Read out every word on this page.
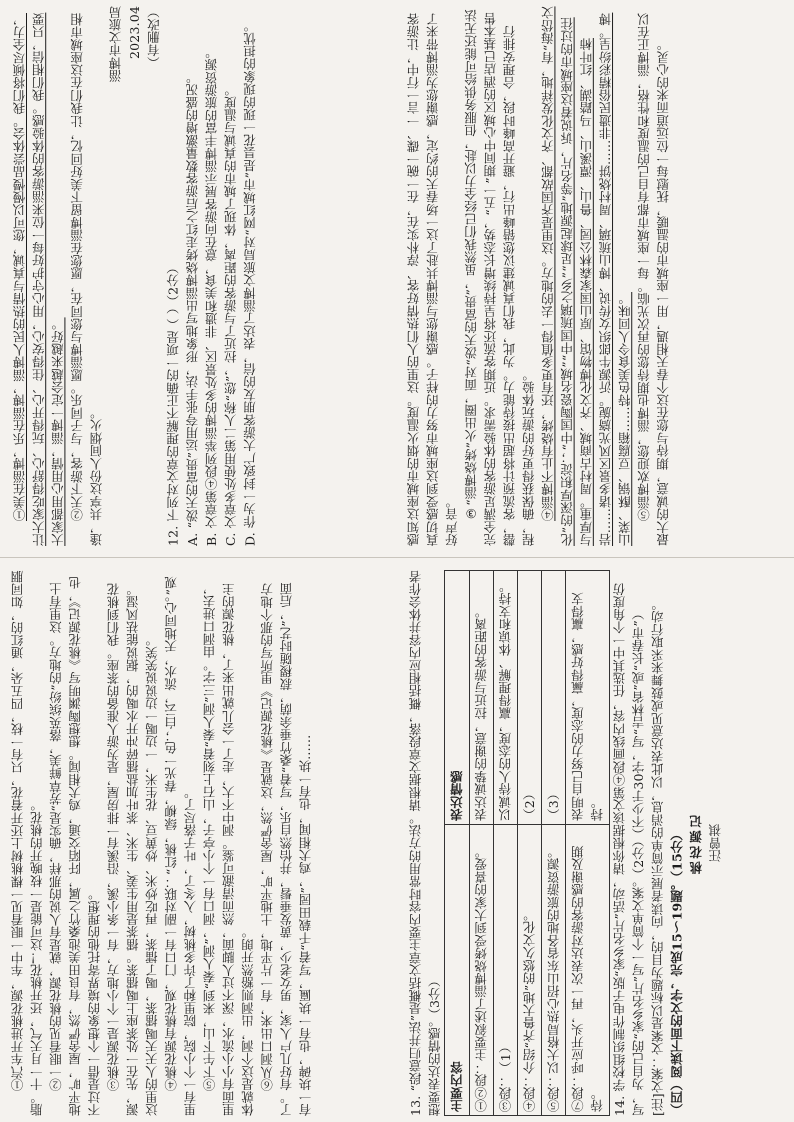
感知这座城市的烟火温度。这里的人们热情好客、淳朴实在，在一碗一碟、一言一行中，让游客真切感受到这座城市努力的样子。感谢您与淄博共赴了这一场春天的约定，感谢您为淄博带来了好声音。 ③“淄博烧烤”火出圈，面对“泼天的富贵”，虽然我们已经全力以赴，但服务供给可能还无法完全满足游客的体验需求。近期客流还将呈持续增长态势，“五一”期间中心城区的酒店已基本售罄，客流预计将超出接待能力。为此，我们真诚建议您错峰出行，避开高峰时段，合理安排行程，确保获得更好的游玩体验。 ④淄博不止有烧烤，还有更多值得一去的地方。这里是齐国故都、齐文化发祥地，有“海岱文化”的深厚积淀；“中国陶瓷名城”“中国琉璃之乡”“足球起源地”等名片，诉说着这座城市的过往与厚重。周村古商城、齐文化博物馆、原山国家森林公园、鲁山、潭溪山、马踏湖、红叶柿岩……诸多景区风光旖旎。沂源牛郎织女传说、博山琉璃、周村烧饼……非遗民俗精彩纷呈。博山菜、酥锅、豆腐箱……特色美食令人回味。 ⑤淄博欢迎您，淄博也期待您的再次光临。每一座城市都有自己的温度和性格，淄博正在以最大的诚意，期待与您在这个春天相遇，用一座城市的温暖，抚慰每一位远道而来的心灵。
①美在淄博，乐在淄博，淄博人民的热情与真诚，您可以慢慢品尝体会。我们将倾尽全力，让大家吃得舒心、玩得开心、住得安心，用心守护好每一位来淄游客的体验感。我们相信，只要大家都用心用情，淄博一定会越来越好。 ②天下游客，与子同乐。愿淄博与您同在，愿您在淄博留下美好回忆，让我们在这座城市相逢，共享这份人间烟火。
淄博市文旅局 2023.04 （有删改）
12. 下列对文章的理解不正确的一项是（ ）（2分） A. “泼天的富贵”运用夸张手法，形象地写出淄博烧烤走红之后游客数量激增的盛况。 B. 文章第④段列举淄博的多处景区、非遗和美食，意在向游客展示淄博丰富的旅游资源。 C. 文章多处使用第二人称“您”，拉近了与游客的距离，体现了城市的真诚与温度。 D. 作为一封致广大游客朋友的信，表达了淄博文旅局对“网红城市”是昙花一现的现象的担忧。
13. “段意归并法”是概括文章主要内容时常用的方法。请根据文章段落，概括相应内容并体会作者想要表达的情感。（3分） 主要内容	表达情感
①②段：主要叙述了淄博烧烤受到大家的喜爱。	表达诚挚的谢意，拉近与游客的距离。
③段：（1）	以诚待人的态度，赢得理解、体谅和支持。
④段：介绍“齐鲁大地”的悠久文化。	（2）
⑤段：以大格局热心招山东省各地的旅游资源。	（3）
⑦段：呼应开头，再一次表达对游客的感谢及期待。	表明自己努力的态度，赢得好感，赢得支持。 14. 学校组织制作电子版“家乡名片”活动，请你根据该文第④段画线内容，任选其中一个角度仿写，为自己的“家乡名片”写一个简单文案。（2分）（不少于30字，写“吉林省”或“长春市”） [注]文案：文案是以标题为目的，向读者展示简单的消息，以此表达意见或鼓舞来采取行动。 （四）阅读下面的文字，完成15～19题。（15分） 桃花源记 汪曾祺
①汽车开进桃花源，车中一眼看见一棵桃树上还开着花，只有一枝，四五朵，通红的，如同胭脂。十一月天气，还开桃花！这可能是一枝晚开的桃花。 ②一眼看见的桃花源，就是有人说的那样，确实是“芳草鲜美，落英缤纷”的地方。这里有土地平旷，屋舍俨然，有良田美池桑竹之属，阡陌交通，鸡犬相闻。想想陶渊明写《桃花源记》，也不过是借一个想象的境界寄托他的理想。 ③桃花源是一个小地方，有一条小溪，沿溪有一排房屋，是为游人准备的茶座。我们到桃花源，先在一处茶座上喝擂茶。擂茶是用生姜、生米、茶叶加盐擂碎冲开水喝的，据说能祛风湿。这里的人天天喝擂茶，喝了擂茶，再吃炒米、炒黄豆、花生米，一边喝一边说说笑笑。 ④桃花源有桃花观，门口有一副对联：“红桃，绿柳，春光一色；白云，流水，天地同心。”观里有一个小院，院里种了许多桃树，入冬了，叶子落尽了。 ⑤下午下山，来到“秦人洞”，洞口有一个小亭子，山石上刻着“秦人洞”三字。由洞口进去，里面有小小流水，深不过人脚面，然而清澈可鉴。洞中不大，走了一会儿就出来了，桃花源的主体就是这个洞，出洞则豁然开朗。 ⑥从洞口出来，有一片平地，土地平旷，屋舍俨然，这就是《桃花源记》里所写的那个地方了。有好几户人家，男女老少，黄发垂髫，并怡然自乐，写着“桑竹垂余荫，菽稷随时艺”，后面有一块碑，也有一块匾，写着“千载田园”，鸡犬相闻，也有一块……
